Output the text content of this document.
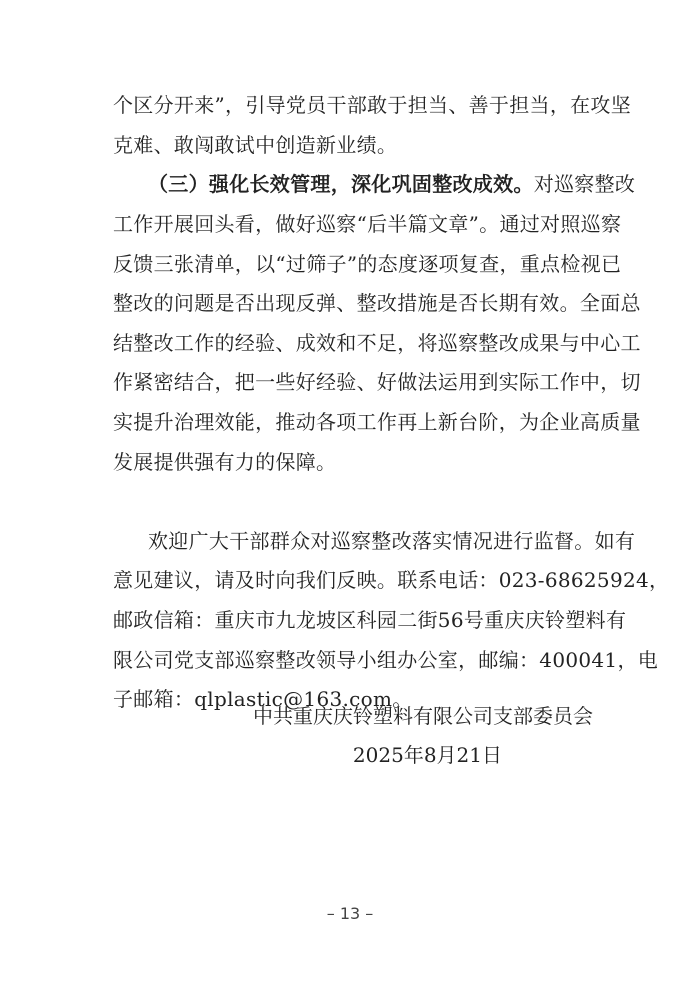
个区分开来”，引导党员干部敢于担当、善于担当，在攻坚
克难、敢闯敢试中创造新业绩。
（三）强化长效管理，深化巩固整改成效。对巡察整改
工作开展回头看，做好巡察“后半篇文章”。通过对照巡察
反馈三张清单，以“过筛子”的态度逐项复查，重点检视已
整改的问题是否出现反弹、整改措施是否长期有效。全面总
结整改工作的经验、成效和不足，将巡察整改成果与中心工
作紧密结合，把一些好经验、好做法运用到实际工作中，切
实提升治理效能，推动各项工作再上新台阶，为企业高质量
发展提供强有力的保障。
欢迎广大干部群众对巡察整改落实情况进行监督。如有
意见建议，请及时向我们反映。联系电话：023-68625924，
邮政信箱：重庆市九龙坡区科园二街56号重庆庆铃塑料有
限公司党支部巡察整改领导小组办公室，邮编：400041，电
子邮箱：qlplastic@163.com。
中共重庆庆铃塑料有限公司支部委员会
2025年8月21日
– 13 –
